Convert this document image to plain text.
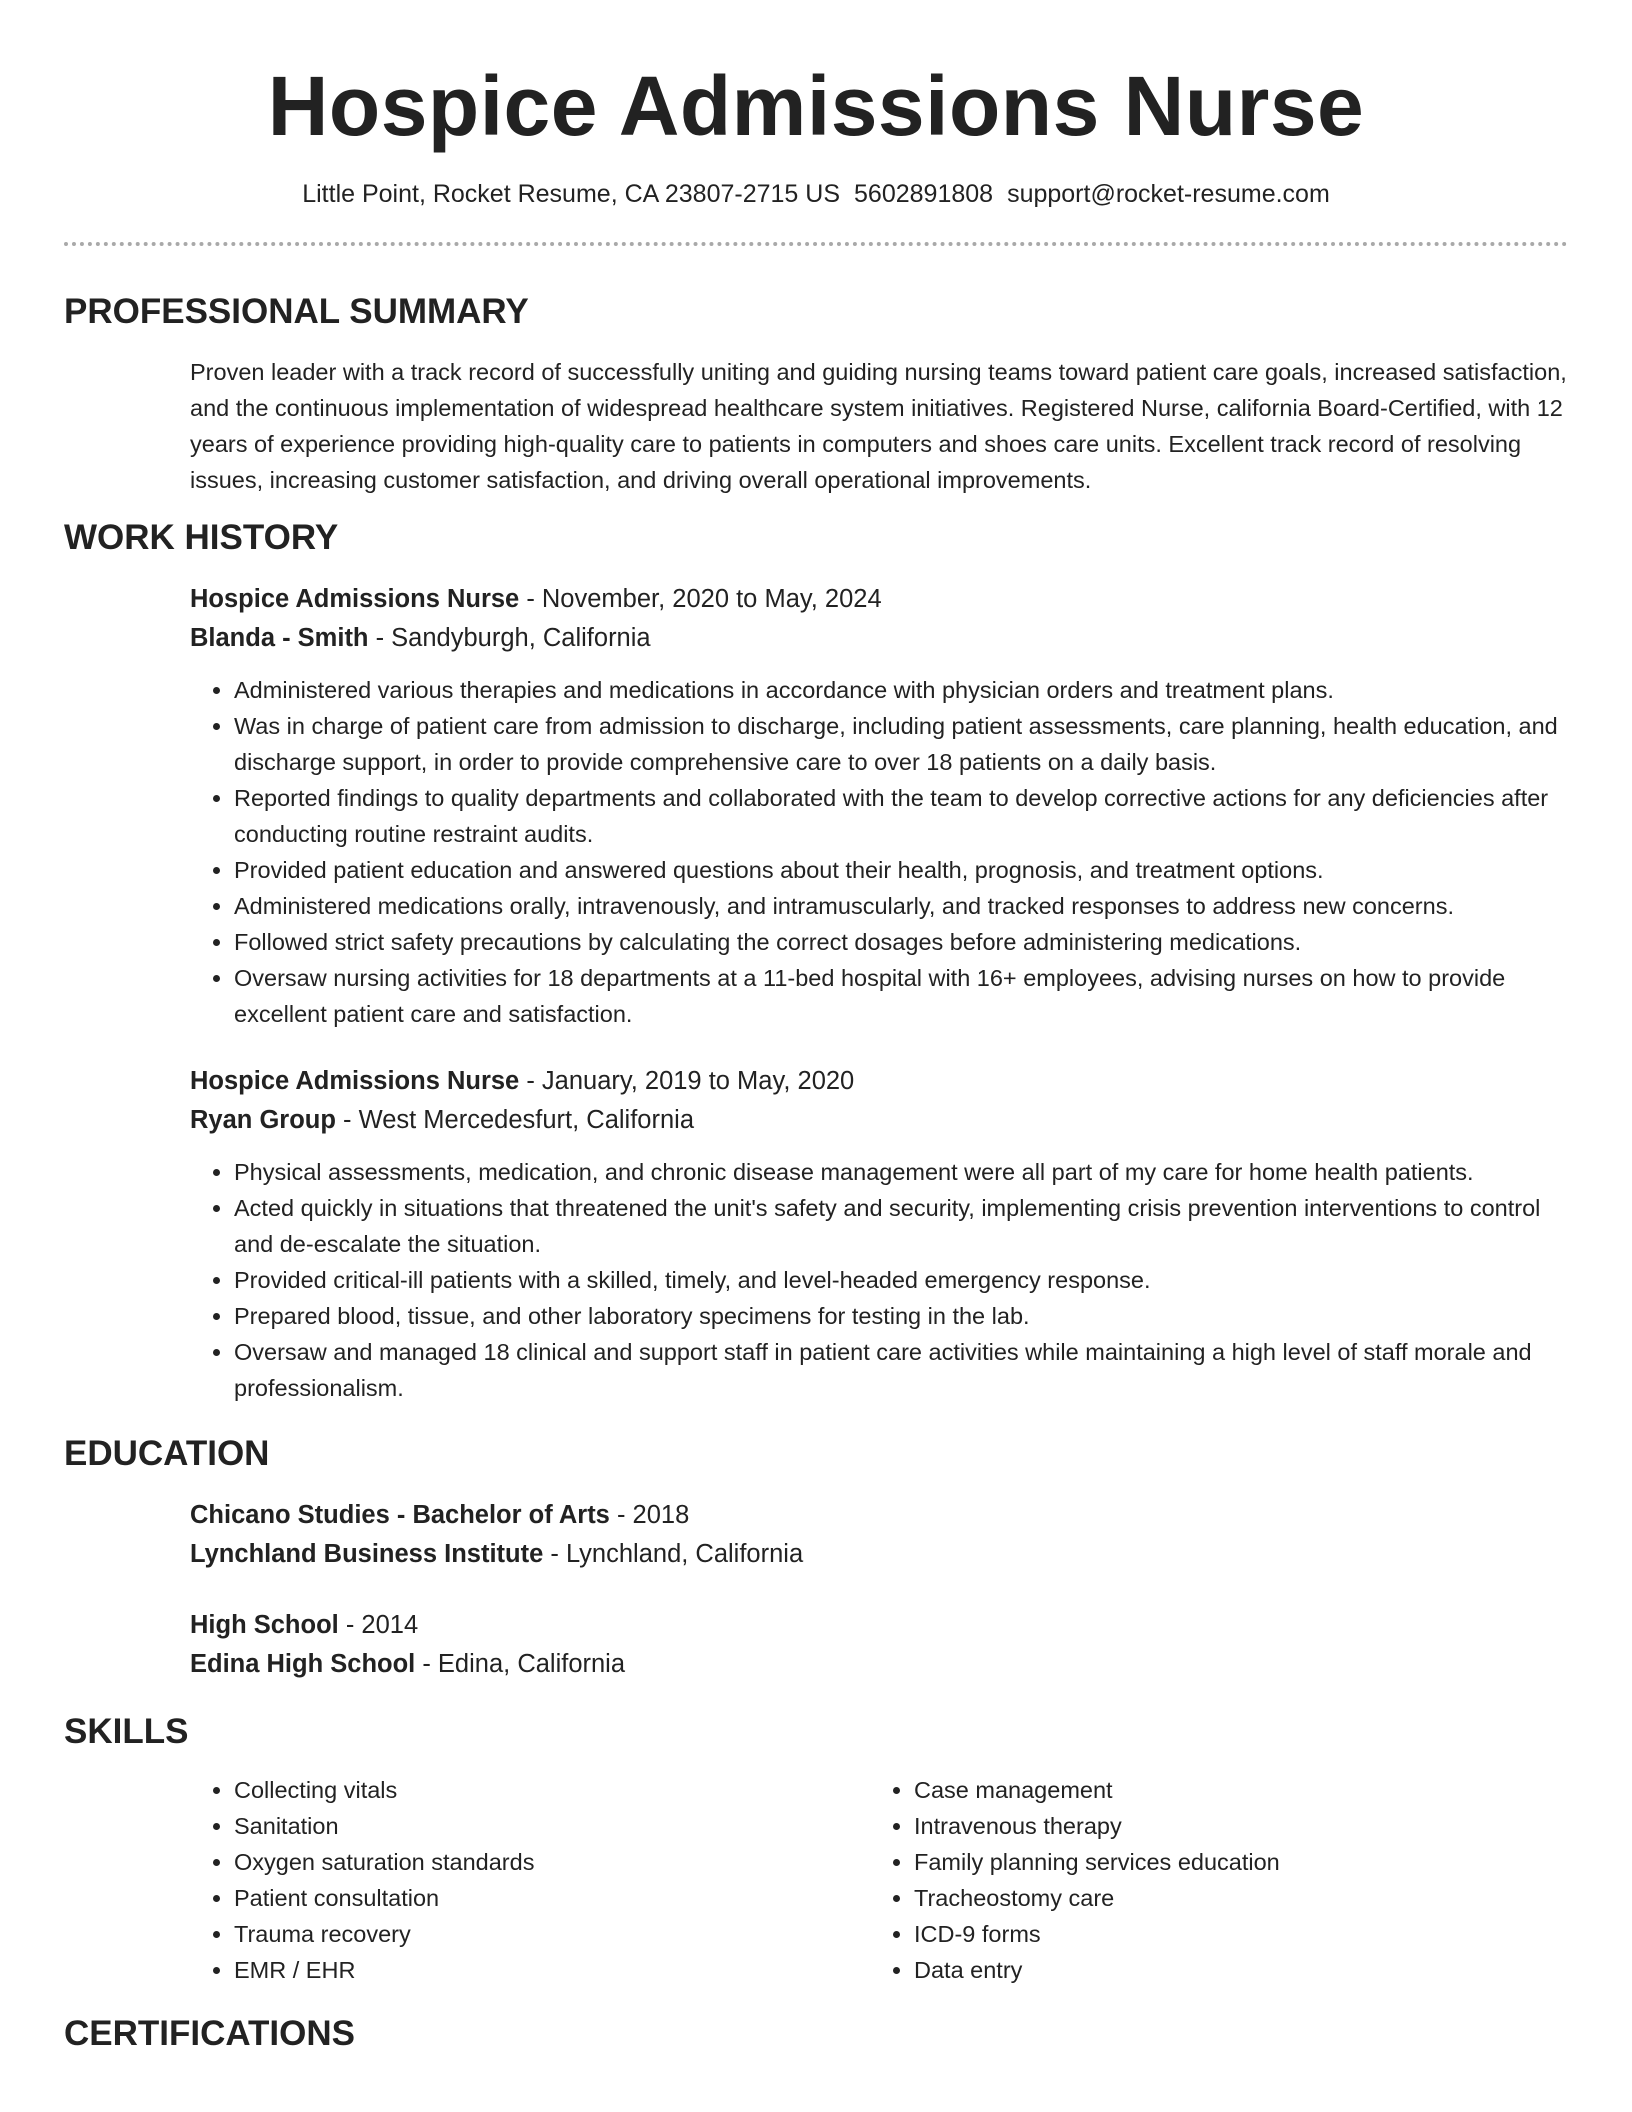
Hospice Admissions Nurse
Little Point, Rocket Resume, CA 23807-2715 US 5602891808 support@rocket-resume.com
PROFESSIONAL SUMMARY

Proven leader with a track record of successfully uniting and guiding nursing teams toward patient care goals, increased satisfaction, and the continuous implementation of widespread healthcare system initiatives. Registered Nurse, california Board-Certified, with 12 years of experience providing high-quality care to patients in computers and shoes care units. Excellent track record of resolving issues, increasing customer satisfaction, and driving overall operational improvements.

WORK HISTORY
Hospice Admissions Nurse - November, 2020 to May, 2024
Blanda - Smith - Sandyburgh, California
• Administered various therapies and medications in accordance with physician orders and treatment plans.
• Was in charge of patient care from admission to discharge, including patient assessments, care planning, health education, and discharge support, in order to provide comprehensive care to over 18 patients on a daily basis.
• Reported findings to quality departments and collaborated with the team to develop corrective actions for any deficiencies after conducting routine restraint audits.
• Provided patient education and answered questions about their health, prognosis, and treatment options.
• Administered medications orally, intravenously, and intramuscularly, and tracked responses to address new concerns.
• Followed strict safety precautions by calculating the correct dosages before administering medications.
• Oversaw nursing activities for 18 departments at a 11-bed hospital with 16+ employees, advising nurses on how to provide excellent patient care and satisfaction.
Hospice Admissions Nurse - January, 2019 to May, 2020
Ryan Group - West Mercedesfurt, California
• Physical assessments, medication, and chronic disease management were all part of my care for home health patients.
• Acted quickly in situations that threatened the unit's safety and security, implementing crisis prevention interventions to control and de-escalate the situation.
• Provided critical-ill patients with a skilled, timely, and level-headed emergency response.
• Prepared blood, tissue, and other laboratory specimens for testing in the lab.
• Oversaw and managed 18 clinical and support staff in patient care activities while maintaining a high level of staff morale and professionalism.
EDUCATION
Chicano Studies - Bachelor of Arts - 2018
Lynchland Business Institute - Lynchland, California
High School - 2014
Edina High School - Edina, California
SKILLS
• Collecting vitals
• Sanitation
• Oxygen saturation standards
• Patient consultation
• Trauma recovery
• EMR / EHR
• Case management
• Intravenous therapy
• Family planning services education
• Tracheostomy care
• ICD-9 forms
• Data entry
CERTIFICATIONS
